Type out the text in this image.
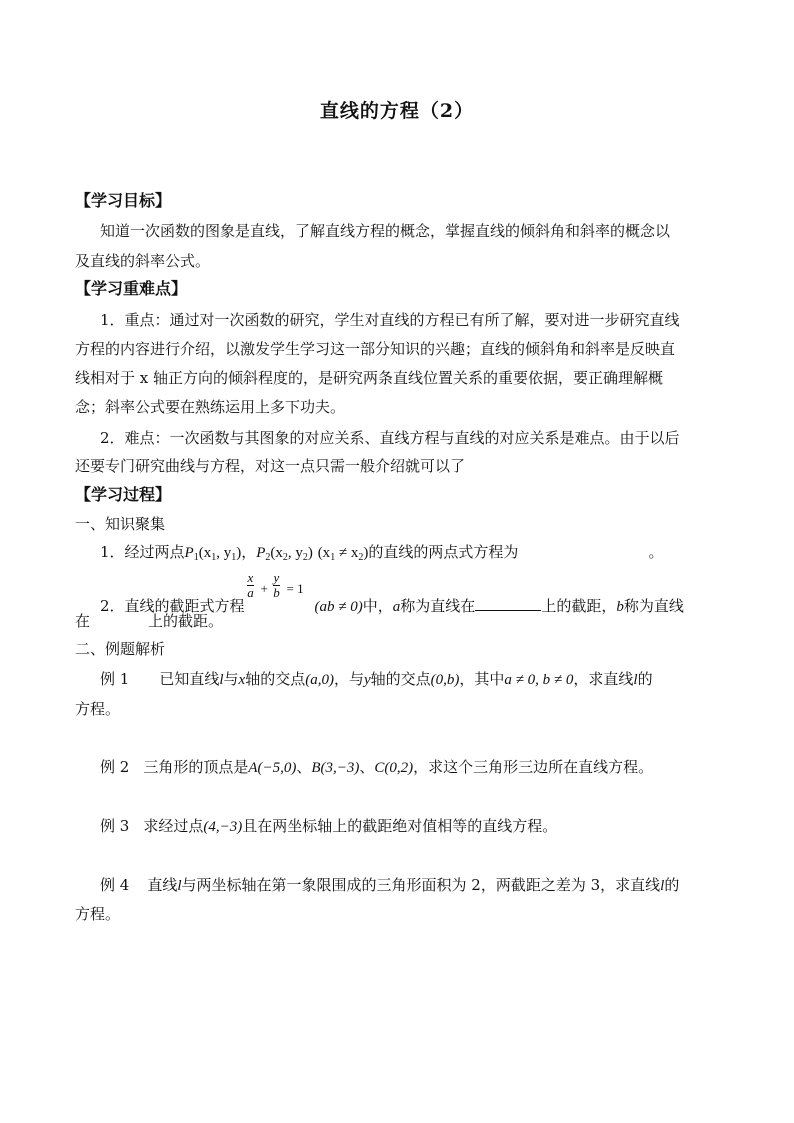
直线的方程（2）
【学习目标】
知道一次函数的图象是直线，了解直线方程的概念，掌握直线的倾斜角和斜率的概念以
及直线的斜率公式。
【学习重难点】
1．重点：通过对一次函数的研究，学生对直线的方程已有所了解，要对进一步研究直线
方程的内容进行介绍，以激发学生学习这一部分知识的兴趣；直线的倾斜角和斜率是反映直
线相对于 x 轴正方向的倾斜程度的，是研究两条直线位置关系的重要依据，要正确理解概
念；斜率公式要在熟练运用上多下功夫。
2．难点：一次函数与其图象的对应关系、直线方程与直线的对应关系是难点。由于以后
还要专门研究曲线与方程，对这一点只需一般介绍就可以了
【学习过程】
一、知识聚集
1．经过两点$P_1(x_1$, $y_1$)，$P_2(x_2$, $y_2$) $(x_1 \ne x_2)$的直线的两点式方程为	。
2．直线的截距式方程
$\frac{x}{a} + \frac{y}{b} = 1$
(ab ≠ 0)中，a称为直线在	上的截距，b称为直线
在	上的截距。
二、例题解析
例 1 已知直线l与x轴的交点(a,0)，与y轴的交点(0,b)，其中a ≠ 0, b ≠ 0，求直线l的
方程。
例 2 三角形的顶点是A(−5,0)、B(3,−3)、C(0,2)，求这个三角形三边所在直线方程。
例 3 求经过点(4,−3)且在两坐标轴上的截距绝对值相等的直线方程。
例 4 直线l与两坐标轴在第一象限围成的三角形面积为 2，两截距之差为 3，求直线l的
方程。
